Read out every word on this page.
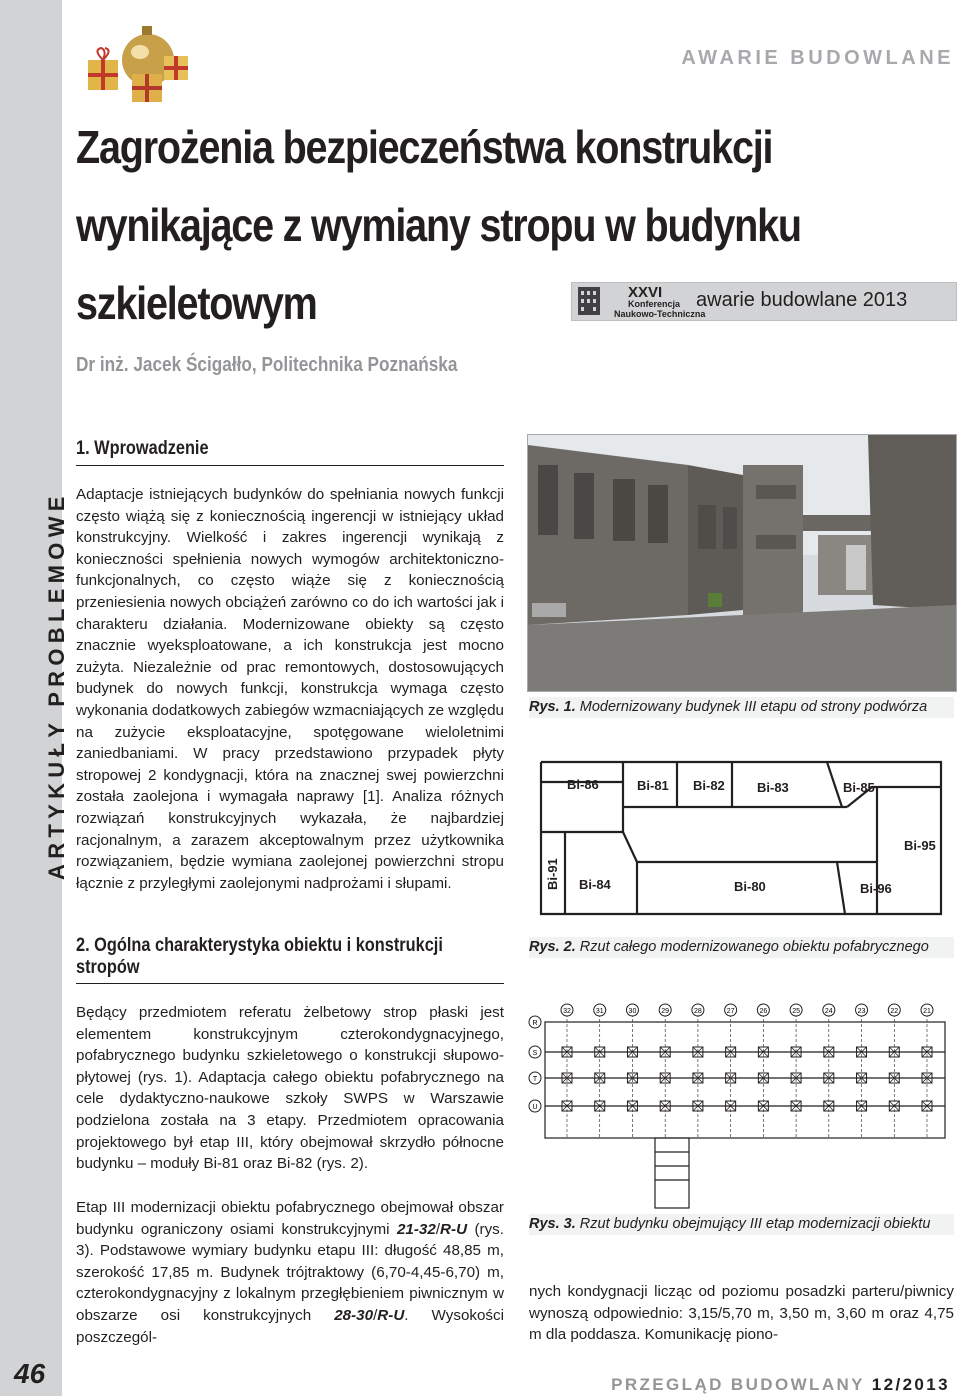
ARTYKUŁY PROBLEMOWE
46
AWARIE BUDOWLANE
Zagrożenia bezpieczeństwa konstrukcji
wynikające z wymiany stropu w budynku
szkieletowym	XXVI
Konferencja
Naukowo-Techniczna
awarie budowlane 2013
Dr inż. Jacek Ścigałło, Politechnika Poznańska
1. Wprowadzenie

Adaptacje istniejących budynków do spełniania nowych funkcji często wiążą się z koniecznością ingerencji w istniejący układ konstrukcyjny. Wielkość i zakres ingerencji wynikają z konieczności spełnienia nowych wymogów architektoniczno-funkcjonalnych, co często wiąże się z koniecznością przeniesienia nowych obciążeń zarówno co do ich wartości jak i charakteru działania. Modernizowane obiekty są często znacznie wyeksploatowane, a ich konstrukcja jest mocno zużyta. Niezależnie od prac remontowych, dostosowujących budynek do nowych funkcji, konstrukcja wymaga często wykonania dodatkowych zabiegów wzmacniających ze względu na zużycie eksploatacyjne, spotęgowane wieloletnimi zaniedbaniami. W pracy przedstawiono przypadek płyty stropowej 2 kondygnacji, która na znacznej swej powierzchni została zaolejona i wymagała naprawy [1]. Analiza różnych rozwiązań konstrukcyjnych wykazała, że najbardziej racjonalnym, a zarazem akceptowalnym przez użytkownika rozwiązaniem, będzie wymiana zaolejonej powierzchni stropu łącznie z przyległymi zaolejonymi nadprożami i słupami.

2. Ogólna charakterystyka obiektu i konstrukcji stropów

Będący przedmiotem referatu żelbetowy strop płaski jest elementem konstrukcyjnym czterokondygnacyjnego, pofabrycznego budynku szkieletowego o konstrukcji słupowo-płytowej (rys. 1). Adaptacja całego obiektu pofabrycznego na cele dydaktyczno-naukowe szkoły SWPS w Warszawie podzielona została na 3 etapy. Przedmiotem opracowania projektowego był etap III, który obejmował skrzydło północne budynku – moduły Bi-81 oraz Bi-82 (rys. 2).

Etap III modernizacji obiektu pofabrycznego obejmował obszar budynku ograniczony osiami konstrukcyjnymi 21-32/R-U (rys. 3). Podstawowe wymiary budynku etapu III: długość 48,85 m, szerokość 17,85 m. Budynek trójtraktowy (6,70-4,45-6,70) m, czterokondygnacyjny z lokalnym przegłębieniem piwnicznym w obszarze osi konstrukcyjnych 28-30/R-U. Wysokości poszczegól-

nych kondygnacji licząc od poziomu posadzki parteru/piwnicy wynoszą odpowiednio: 3,15/5,70 m, 3,50 m, 3,60 m oraz 4,75 m dla poddasza. Komunikację piono-

Rys. 1. Modernizowany budynek III etapu od strony podwórza
Bi-86	Bi-81 Bi-82 Bi-83	Bi-85
Bi-95
Bi-91 Bi-84	Bi-80	Bi-96
Rys. 2. Rzut całego modernizowanego obiektu pofabrycznego
32	31	30	29	28	27	26	25	24	23	22	21
R
S
T
U
Rys. 3. Rzut budynku obejmujący III etap modernizacji obiektu
PRZEGLĄD BUDOWLANY 12/2013
